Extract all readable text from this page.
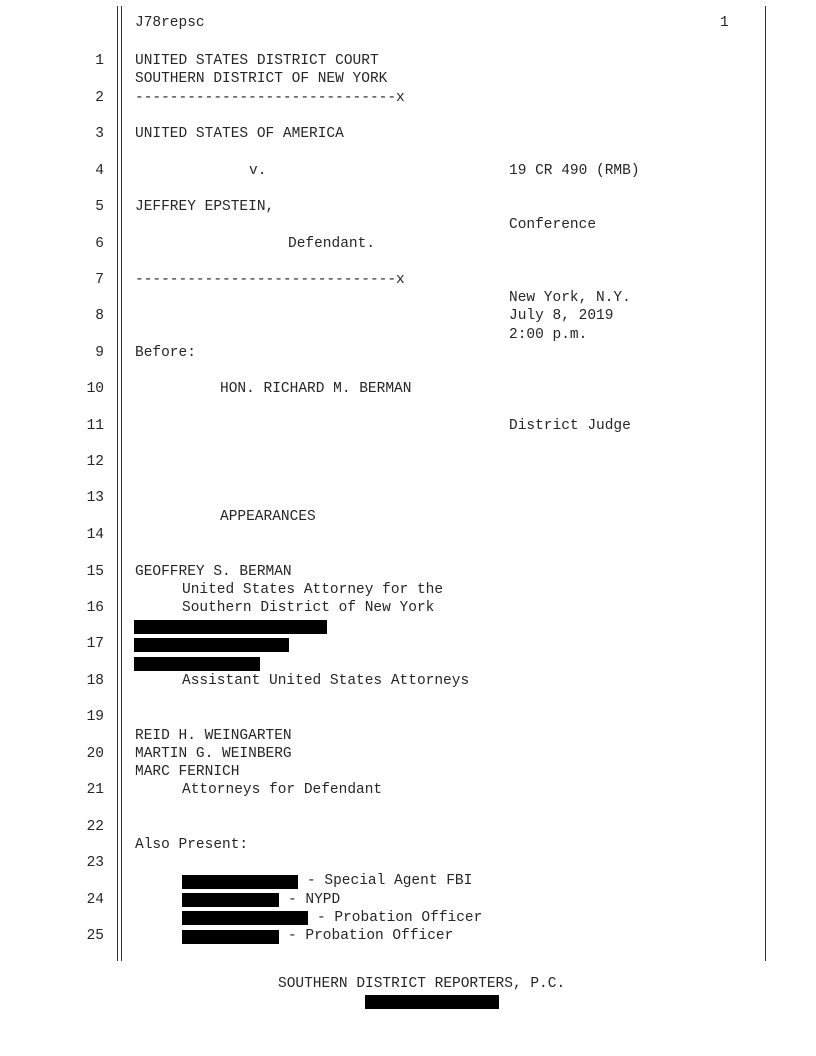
J78repsc	1
1
2
3
4
5
6
7
8
9
10
11
12
13
14
15
16
17
18
19
20
21
22
23
24
25
UNITED STATES DISTRICT COURT
SOUTHERN DISTRICT OF NEW YORK
------------------------------x
UNITED STATES OF AMERICA
v.	19 CR 490 (RMB)
JEFFREY EPSTEIN,
Conference
Defendant.
------------------------------x
New York, N.Y.
July 8, 2019
2:00 p.m.
Before:
HON. RICHARD M. BERMAN
District Judge
APPEARANCES
GEOFFREY S. BERMAN
United States Attorney for the
Southern District of New York
Assistant United States Attorneys
REID H. WEINGARTEN
MARTIN G. WEINBERG
MARC FERNICH
Attorneys for Defendant
Also Present:
- Special Agent FBI
- NYPD
- Probation Officer
- Probation Officer
SOUTHERN DISTRICT REPORTERS, P.C.
